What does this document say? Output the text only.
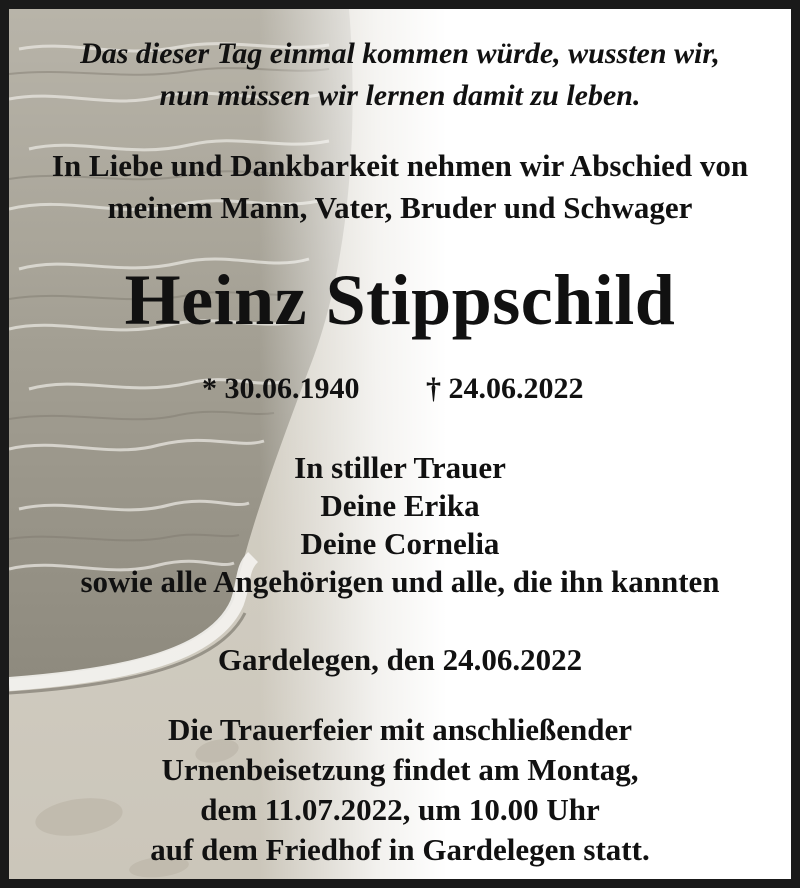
Das dieser Tag einmal kommen würde, wussten wir,
nun müssen wir lernen damit zu leben.
In Liebe und Dankbarkeit nehmen wir Abschied von
meinem Mann, Vater, Bruder und Schwager
Heinz Stippschild
* 30.06.1940 † 24.06.2022
In stiller Trauer
Deine Erika
Deine Cornelia
sowie alle Angehörigen und alle, die ihn kannten
Gardelegen, den 24.06.2022
Die Trauerfeier mit anschließender
Urnenbeisetzung findet am Montag,
dem 11.07.2022, um 10.00 Uhr
auf dem Friedhof in Gardelegen statt.
